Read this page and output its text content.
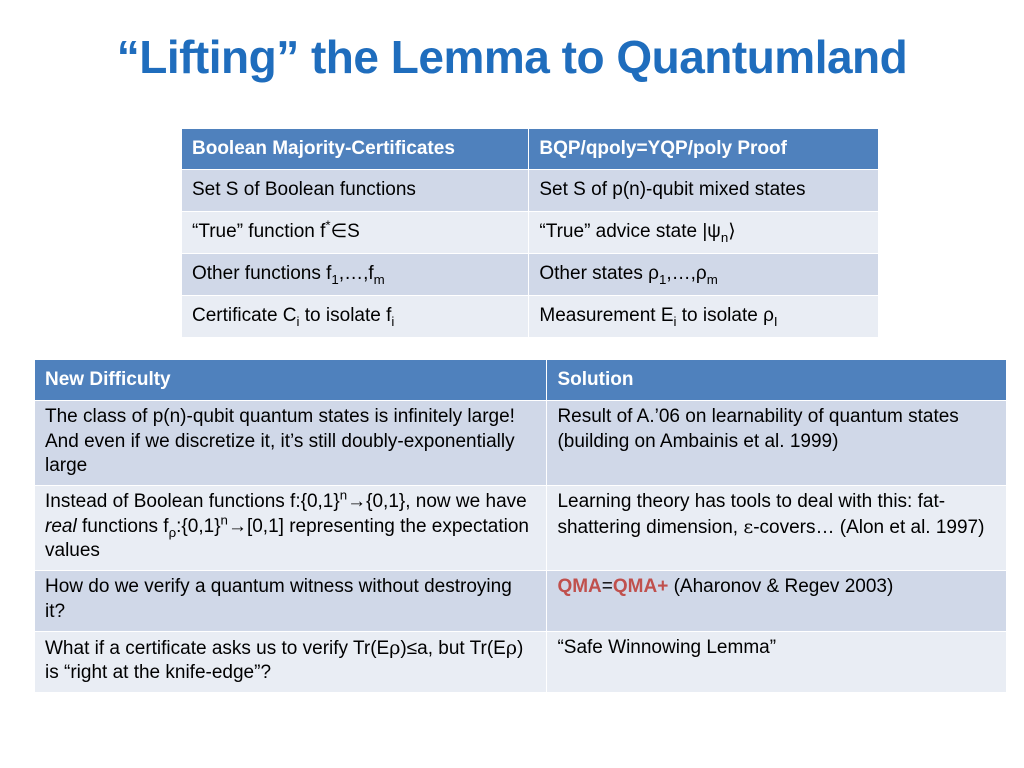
“Lifting” the Lemma to Quantumland
Boolean Majority-Certificates	BQP/qpoly=YQP/poly Proof
Set S of Boolean functions	Set S of p(n)-qubit mixed states
“True” function f*∈S	“True” advice state $|\psi_n⟩$
Other functions $f_1,\dots,f_m$	Other states $\rho_1,\dots,\rho_m$
Certificate $C_i$ to isolate $f_i$	Measurement $E_i$ to isolate $\rho_I$
New Difficulty	Solution
The class of p(n)-qubit quantum states is infinitely large! And even if we discretize it, it’s still doubly-exponentially large	Result of A.’06 on learnability of quantum states (building on Ambainis et al. 1999)
Instead of Boolean functions $f:\{0,1\}^n\to\{0,1\}$, now we have real functions $f_\rho:\{0,1\}^n\to[0,1]$ representing the expectation values	Learning theory has tools to deal with this: fat-shattering dimension, ε-covers… (Alon et al. 1997)
How do we verify a quantum witness without destroying it?	QMA=QMA+ (Aharonov & Regev 2003)
What if a certificate asks us to verify Tr(Eρ)≤a, but Tr(Eρ) is “right at the knife-edge”?	“Safe Winnowing Lemma”
